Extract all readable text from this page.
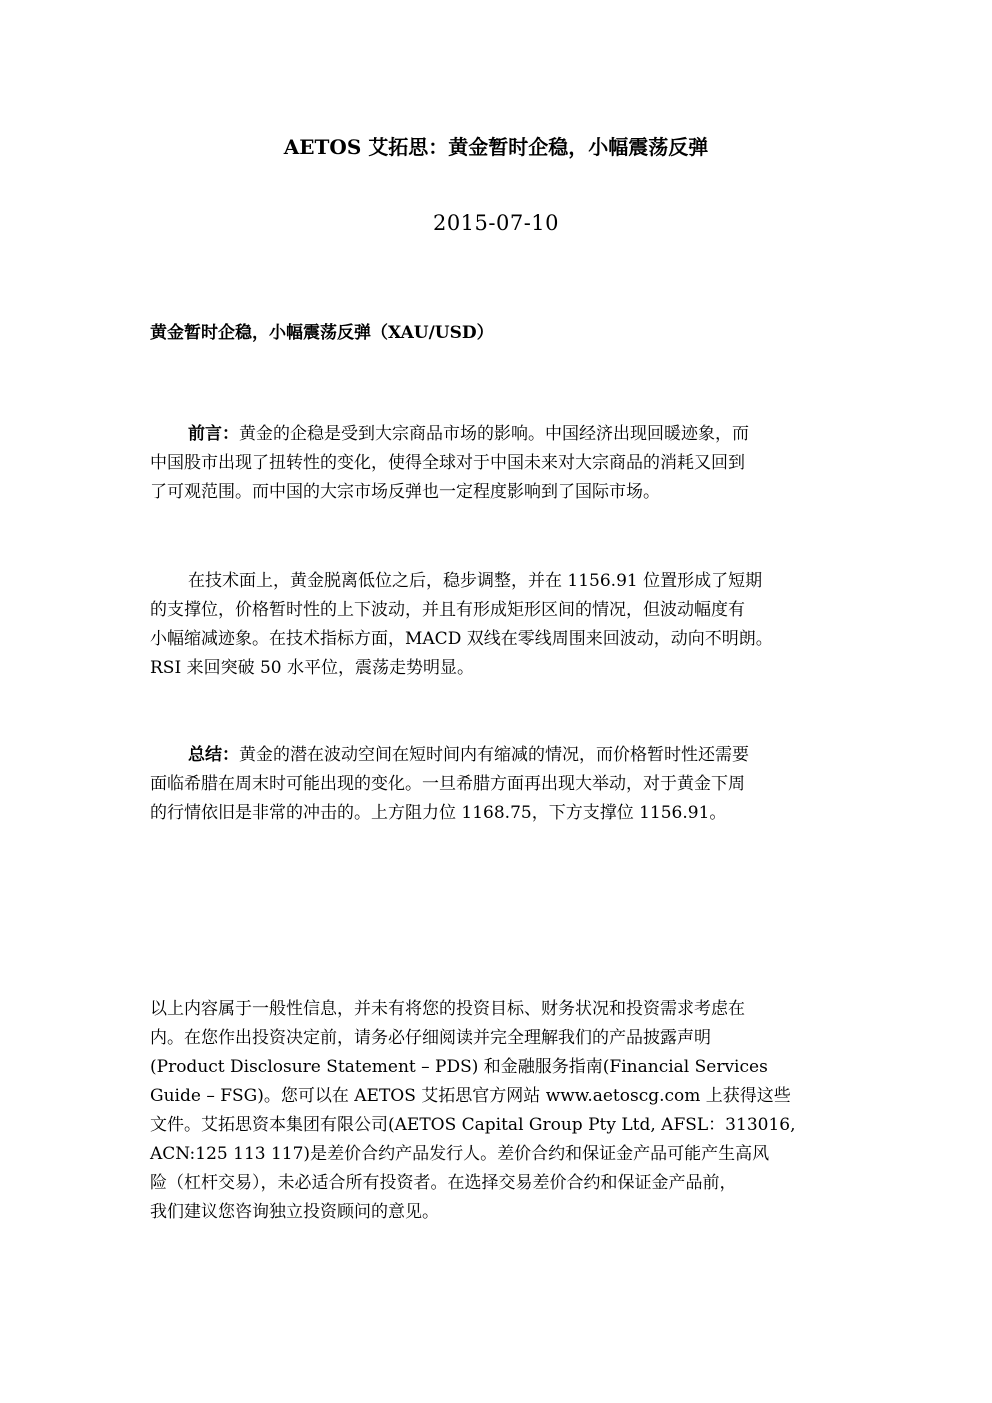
AETOS 艾拓思：黄金暂时企稳，小幅震荡反弹
2015-07-10
黄金暂时企稳，小幅震荡反弹（XAU/USD）
前言：黄金的企稳是受到大宗商品市场的影响。中国经济出现回暖迹象，而
中国股市出现了扭转性的变化，使得全球对于中国未来对大宗商品的消耗又回到
了可观范围。而中国的大宗市场反弹也一定程度影响到了国际市场。
在技术面上，黄金脱离低位之后，稳步调整，并在 1156.91 位置形成了短期
的支撑位，价格暂时性的上下波动，并且有形成矩形区间的情况，但波动幅度有
小幅缩减迹象。在技术指标方面，MACD 双线在零线周围来回波动，动向不明朗。
RSI 来回突破 50 水平位，震荡走势明显。
总结：黄金的潜在波动空间在短时间内有缩减的情况，而价格暂时性还需要
面临希腊在周末时可能出现的变化。一旦希腊方面再出现大举动，对于黄金下周
的行情依旧是非常的冲击的。上方阻力位 1168.75，下方支撑位 1156.91。
以上内容属于一般性信息，并未有将您的投资目标、财务状况和投资需求考虑在
内。在您作出投资决定前，请务必仔细阅读并完全理解我们的产品披露声明
(Product Disclosure Statement – PDS) 和金融服务指南(Financial Services
Guide – FSG)。您可以在 AETOS 艾拓思官方网站 www.aetoscg.com 上获得这些
文件。艾拓思资本集团有限公司(AETOS Capital Group Pty Ltd, AFSL：313016,
ACN:125 113 117)是差价合约产品发行人。差价合约和保证金产品可能产生高风
险（杠杆交易），未必适合所有投资者。在选择交易差价合约和保证金产品前，
我们建议您咨询独立投资顾问的意见。
